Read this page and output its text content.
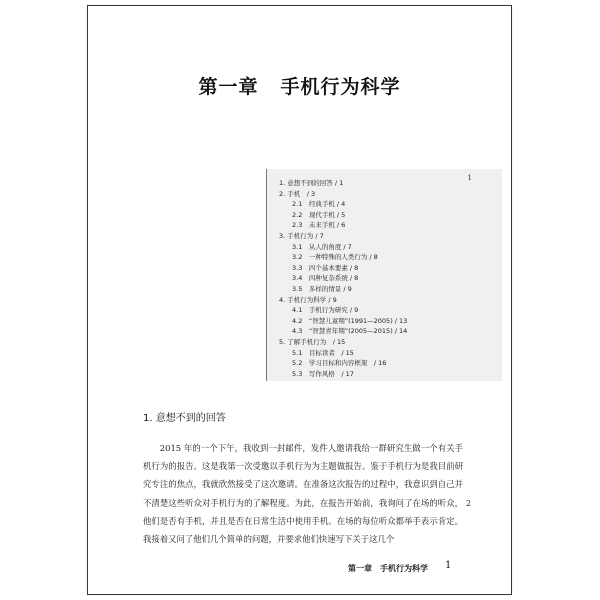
第一章 手机行为科学
1
1. 意想不到的回答 / 1
2. 手机　/ 3
2.1　经典手机 / 4
2.2　现代手机 / 5
2.3　未来手机 / 6
3. 手机行为 / 7
3.1　从人的角度 / 7
3.2　一种特殊的人类行为 / 8
3.3　四个基本要素 / 8
3.4　四种复杂系统 / 8
3.5　多样的情景 / 9
4. 手机行为科学 / 9
4.1　手机行为研究 / 9
4.2　“智慧儿童期”(1991—2005) / 13
4.3　“智慧青年期”(2005—2015) / 14
5. 了解手机行为　/ 15
5.1　目标读者　/ 15
5.2　学习目标和内容框架　/ 16
5.3　写作风格　/ 17
1. 意想不到的回答

2015 年的一个下午，我收到一封邮件，发件人邀请我给一群研究生做一个有关手机行为的报告。这是我第一次受邀以手机行为为主题做报告。鉴于手机行为是我目前研究专注的焦点，我就欣然接受了这次邀请。在准备这次报告的过程中，我意识到自己并不清楚这些听众对手机行为的了解程度。为此，在报告开始前，我询问了在场的听众，他们是否有手机，并且是否在日常生活中使用手机。在场的每位听众都举手表示肯定。我接着又问了他们几个简单的问题，并要求他们快速写下关于这几个

2
第一章　手机行为科学 1
